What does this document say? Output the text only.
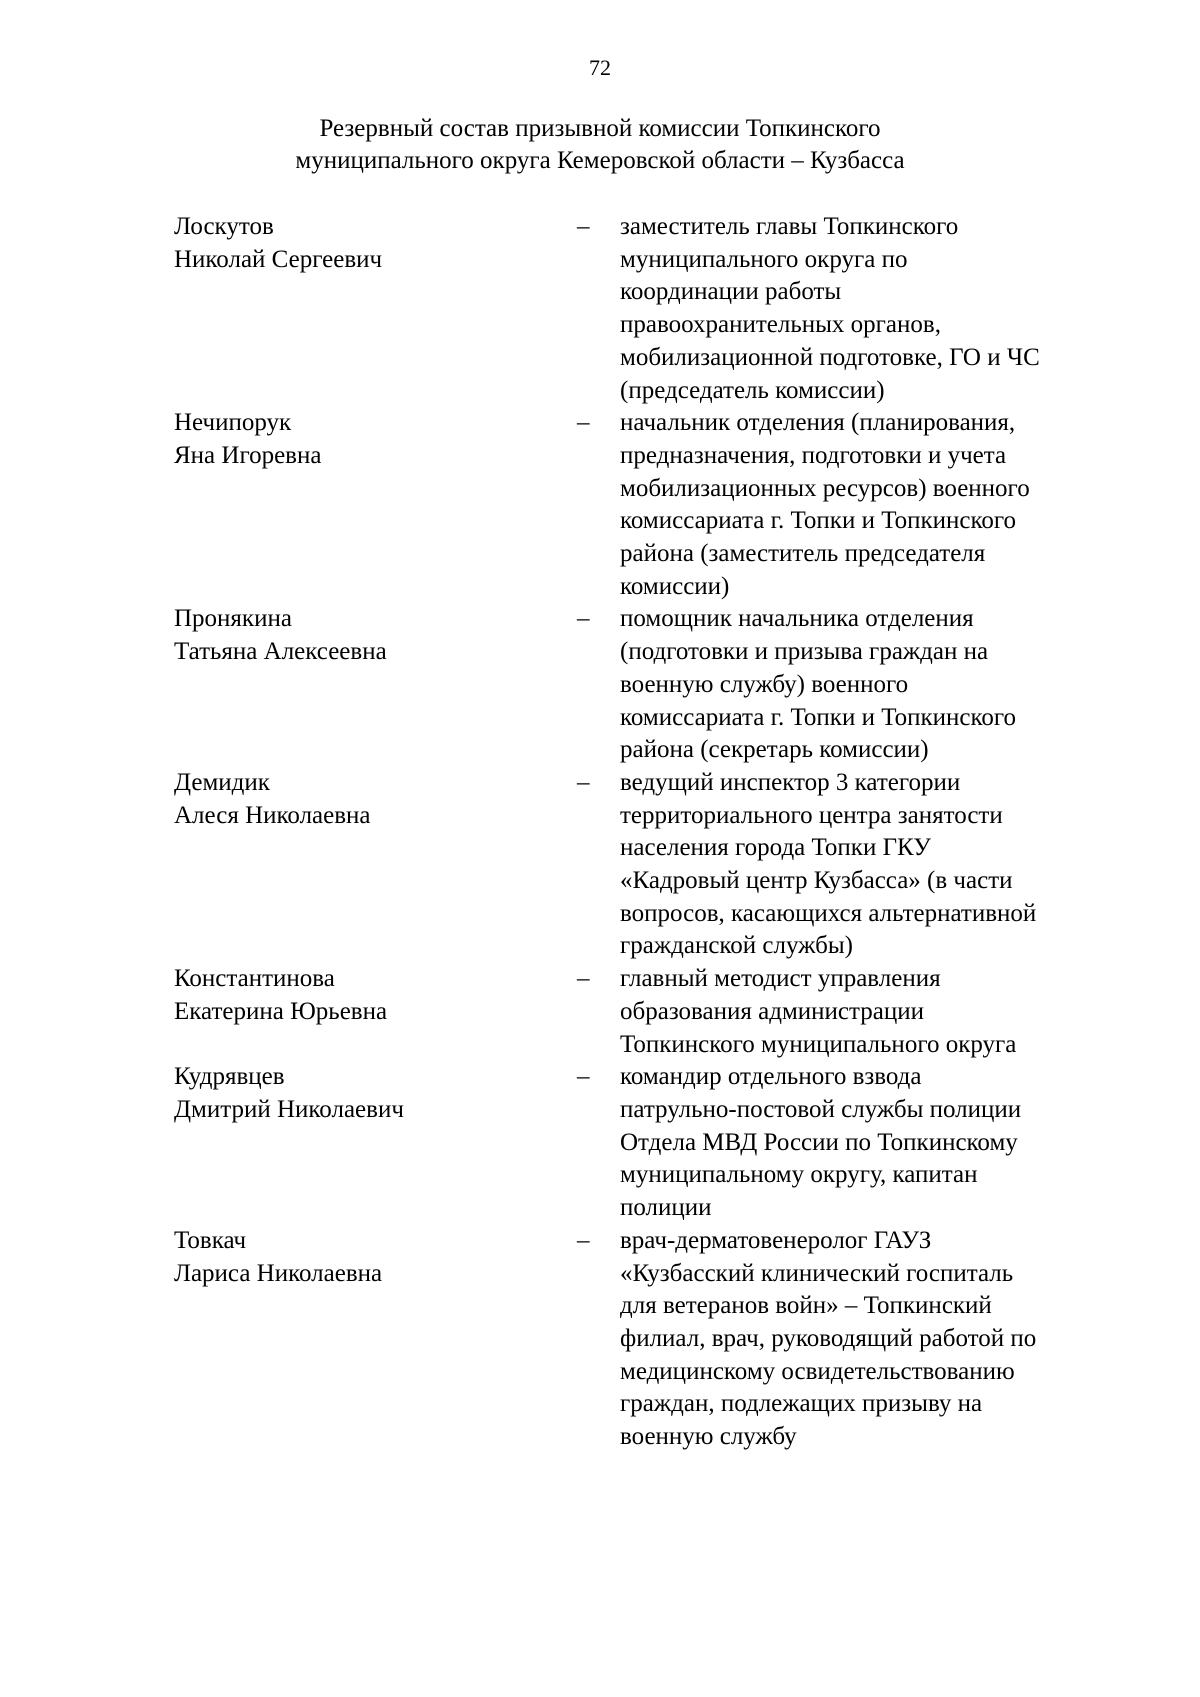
72
Резервный состав призывной комиссии Топкинского
муниципального округа Кемеровской области – Кузбасса
Лоскутов
Николай Сергеевич
– заместитель главы Топкинского
муниципального округа по
координации работы
правоохранительных органов,
мобилизационной подготовке, ГО и ЧС
(председатель комиссии)
Нечипорук
Яна Игоревна
– начальник отделения (планирования,
предназначения, подготовки и учета
мобилизационных ресурсов) военного
комиссариата г. Топки и Топкинского
района (заместитель председателя
комиссии)
Пронякина
Татьяна Алексеевна
– помощник начальника отделения
(подготовки и призыва граждан на
военную службу) военного
комиссариата г. Топки и Топкинского
района (секретарь комиссии)
Демидик
Алеся Николаевна
– ведущий инспектор 3 категории
территориального центра занятости
населения города Топки ГКУ
«Кадровый центр Кузбасса» (в части
вопросов, касающихся альтернативной
гражданской службы)
Константинова
Екатерина Юрьевна
– главный методист управления
образования администрации
Топкинского муниципального округа
Кудрявцев
Дмитрий Николаевич
– командир отдельного взвода
патрульно-постовой службы полиции
Отдела МВД России по Топкинскому
муниципальному округу, капитан
полиции
Товкач
Лариса Николаевна
– врач-дерматовенеролог ГАУЗ
«Кузбасский клинический госпиталь
для ветеранов войн» – Топкинский
филиал, врач, руководящий работой по
медицинскому освидетельствованию
граждан, подлежащих призыву на
военную службу
